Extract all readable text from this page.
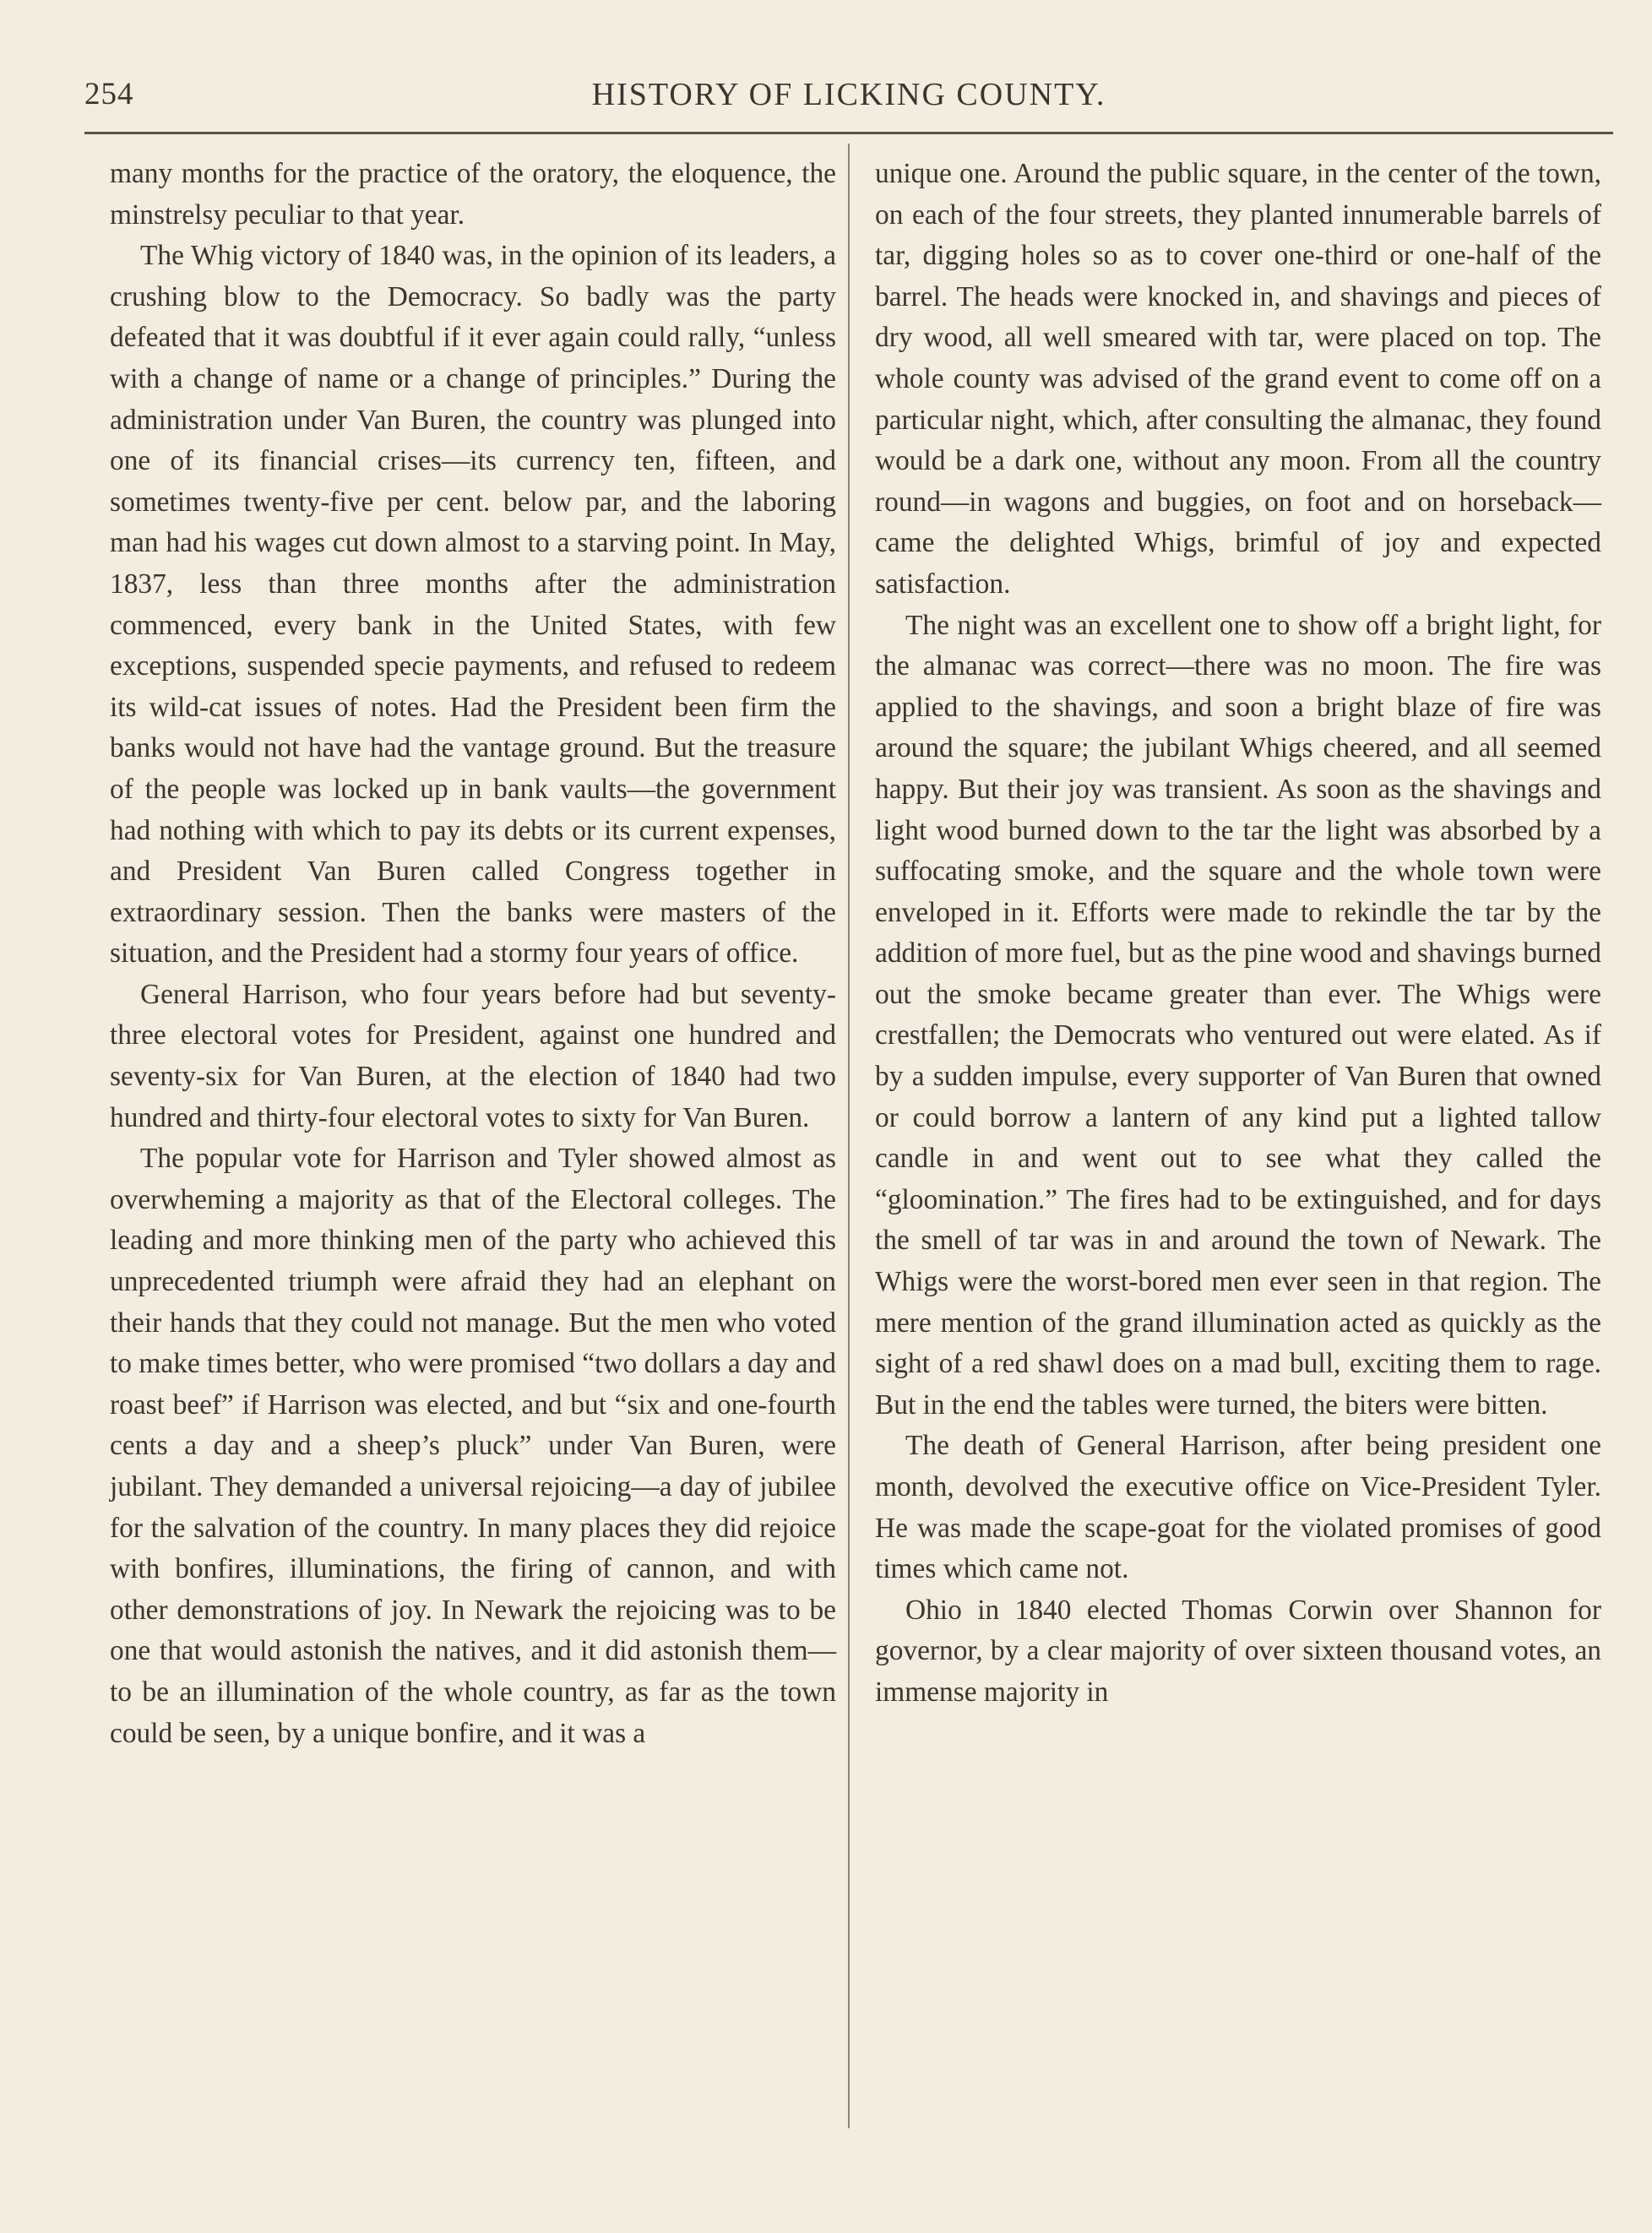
254	HISTORY OF LICKING COUNTY.

many months for the practice of the oratory, the eloquence, the minstrelsy peculiar to that year.

The Whig victory of 1840 was, in the opinion of its leaders, a crushing blow to the Democracy. So badly was the party defeated that it was doubtful if it ever again could rally, “unless with a change of name or a change of principles.” During the administration under Van Buren, the country was plunged into one of its financial crises—its currency ten, fifteen, and sometimes twenty-five per cent. below par, and the laboring man had his wages cut down almost to a starving point. In May, 1837, less than three months after the administration commenced, every bank in the United States, with few exceptions, suspended specie payments, and refused to redeem its wild-cat issues of notes. Had the President been firm the banks would not have had the vantage ground. But the treasure of the people was locked up in bank vaults—the government had nothing with which to pay its debts or its current expenses, and President Van Buren called Congress together in extraordinary session. Then the banks were masters of the situation, and the President had a stormy four years of office.

General Harrison, who four years before had but seventy-three electoral votes for President, against one hundred and seventy-six for Van Buren, at the election of 1840 had two hundred and thirty-four electoral votes to sixty for Van Buren.

The popular vote for Harrison and Tyler showed almost as overwheming a majority as that of the Electoral colleges. The leading and more thinking men of the party who achieved this unprecedented triumph were afraid they had an elephant on their hands that they could not manage. But the men who voted to make times better, who were promised “two dollars a day and roast beef” if Harrison was elected, and but “six and one-fourth cents a day and a sheep’s pluck” under Van Buren, were jubilant. They demanded a universal rejoicing—a day of jubilee for the salvation of the country. In many places they did rejoice with bonfires, illuminations, the firing of cannon, and with other demonstrations of joy. In Newark the rejoicing was to be one that would astonish the natives, and it did astonish them—to be an illumination of the whole country, as far as the town could be seen, by a unique bonfire, and it was a

unique one. Around the public square, in the center of the town, on each of the four streets, they planted innumerable barrels of tar, digging holes so as to cover one-third or one-half of the barrel. The heads were knocked in, and shavings and pieces of dry wood, all well smeared with tar, were placed on top. The whole county was advised of the grand event to come off on a particular night, which, after consulting the almanac, they found would be a dark one, without any moon. From all the country round—in wagons and buggies, on foot and on horseback—came the delighted Whigs, brimful of joy and expected satisfaction.

The night was an excellent one to show off a bright light, for the almanac was correct—there was no moon. The fire was applied to the shavings, and soon a bright blaze of fire was around the square; the jubilant Whigs cheered, and all seemed happy. But their joy was transient. As soon as the shavings and light wood burned down to the tar the light was absorbed by a suffocating smoke, and the square and the whole town were enveloped in it. Efforts were made to rekindle the tar by the addition of more fuel, but as the pine wood and shavings burned out the smoke became greater than ever. The Whigs were crestfallen; the Democrats who ventured out were elated. As if by a sudden impulse, every supporter of Van Buren that owned or could borrow a lantern of any kind put a lighted tallow candle in and went out to see what they called the “gloomination.” The fires had to be extinguished, and for days the smell of tar was in and around the town of Newark. The Whigs were the worst-bored men ever seen in that region. The mere mention of the grand illumination acted as quickly as the sight of a red shawl does on a mad bull, exciting them to rage. But in the end the tables were turned, the biters were bitten.

The death of General Harrison, after being president one month, devolved the executive office on Vice-President Tyler. He was made the scape-goat for the violated promises of good times which came not.

Ohio in 1840 elected Thomas Corwin over Shannon for governor, by a clear majority of over sixteen thousand votes, an immense majority in
